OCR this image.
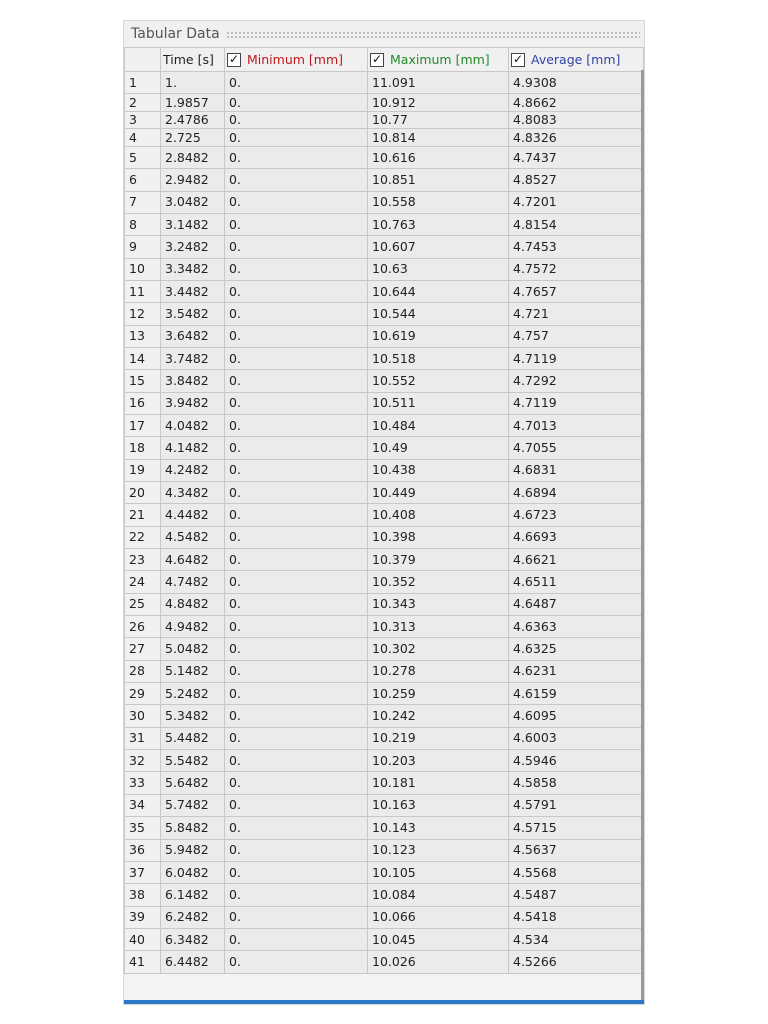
Tabular Data
	Time [s]	✓ Minimum [mm]	✓ Maximum [mm]	✓ Average [mm]
1	1.	0.	11.091	4.9308
2	1.9857	0.	10.912	4.8662
3	2.4786	0.	10.77	4.8083
4	2.725	0.	10.814	4.8326
5	2.8482	0.	10.616	4.7437
6	2.9482	0.	10.851	4.8527
7	3.0482	0.	10.558	4.7201
8	3.1482	0.	10.763	4.8154
9	3.2482	0.	10.607	4.7453
10	3.3482	0.	10.63	4.7572
11	3.4482	0.	10.644	4.7657
12	3.5482	0.	10.544	4.721
13	3.6482	0.	10.619	4.757
14	3.7482	0.	10.518	4.7119
15	3.8482	0.	10.552	4.7292
16	3.9482	0.	10.511	4.7119
17	4.0482	0.	10.484	4.7013
18	4.1482	0.	10.49	4.7055
19	4.2482	0.	10.438	4.6831
20	4.3482	0.	10.449	4.6894
21	4.4482	0.	10.408	4.6723
22	4.5482	0.	10.398	4.6693
23	4.6482	0.	10.379	4.6621
24	4.7482	0.	10.352	4.6511
25	4.8482	0.	10.343	4.6487
26	4.9482	0.	10.313	4.6363
27	5.0482	0.	10.302	4.6325
28	5.1482	0.	10.278	4.6231
29	5.2482	0.	10.259	4.6159
30	5.3482	0.	10.242	4.6095
31	5.4482	0.	10.219	4.6003
32	5.5482	0.	10.203	4.5946
33	5.6482	0.	10.181	4.5858
34	5.7482	0.	10.163	4.5791
35	5.8482	0.	10.143	4.5715
36	5.9482	0.	10.123	4.5637
37	6.0482	0.	10.105	4.5568
38	6.1482	0.	10.084	4.5487
39	6.2482	0.	10.066	4.5418
40	6.3482	0.	10.045	4.534
41	6.4482	0.	10.026	4.5266
